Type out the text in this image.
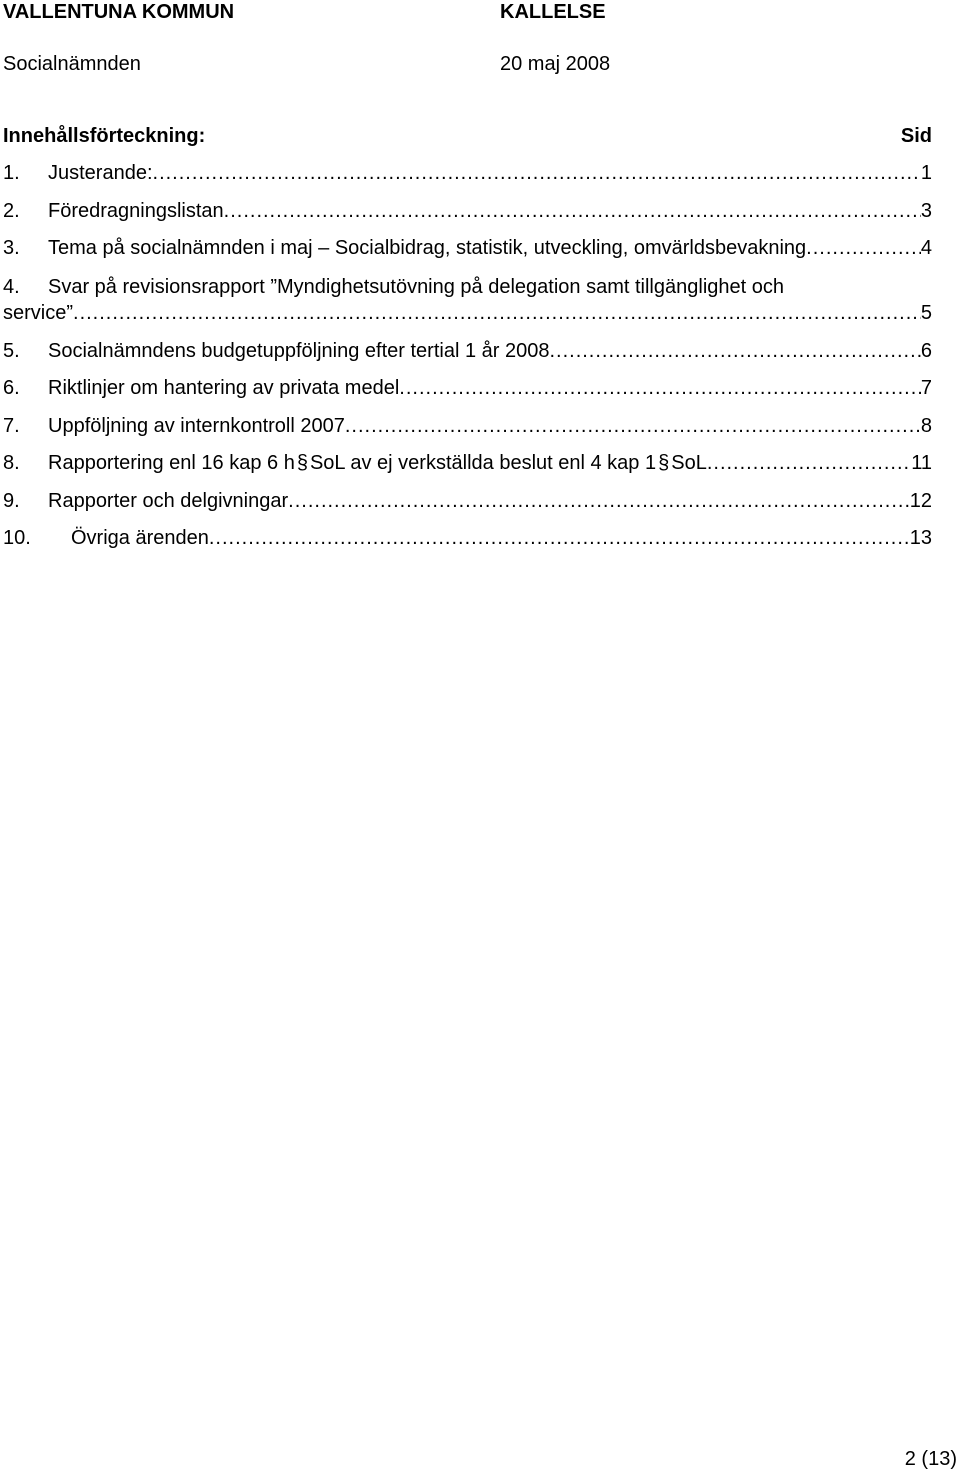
VALLENTUNA KOMMUN	KALLELSE
Socialnämnden	20 maj 2008
Innehållsförteckning:	Sid
1.	Justerande: .....	1
2.	Föredragningslistan .....	3
3.	Tema på socialnämnden i maj – Socialbidrag, statistik, utveckling, omvärldsbevakning .....	4
4.	Svar på revisionsrapport ”Myndighetsutövning på delegation samt tillgänglighet och
service” .....	5
5.	Socialnämndens budgetuppföljning efter tertial 1 år 2008 .....	6
6.	Riktlinjer om hantering av privata medel .....	7
7.	Uppföljning av internkontroll 2007 .....	8
8.	Rapportering enl 16 kap 6 h § SoL av ej verkställda beslut enl 4 kap 1 § SoL .....	11
9.	Rapporter och delgivningar .....	12
10.	Övriga ärenden .....	13
2 (13)
